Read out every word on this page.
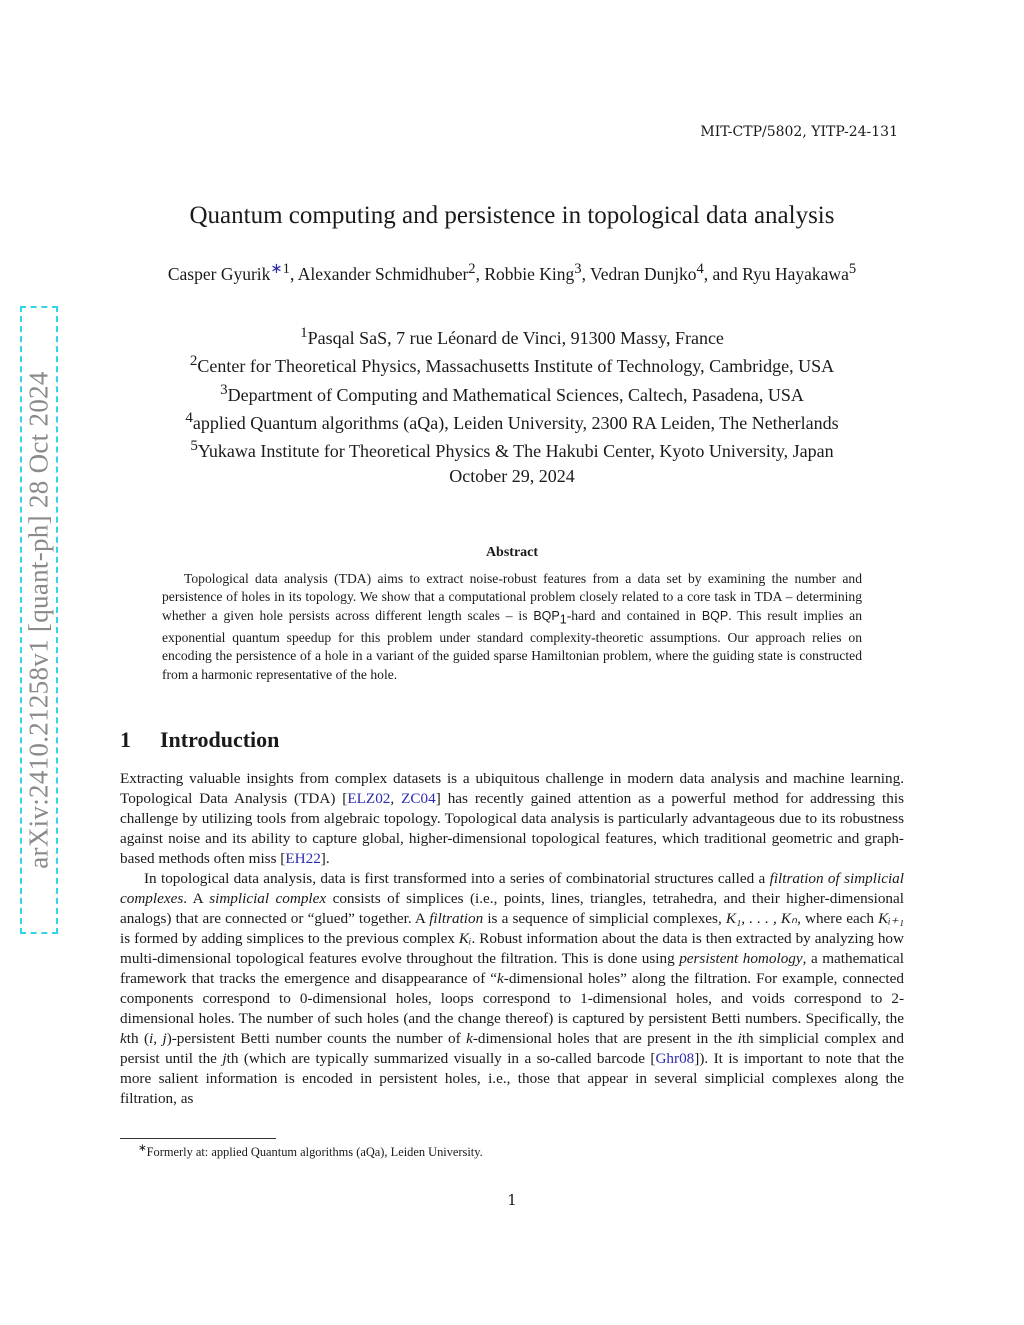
MIT-CTP/5802, YITP-24-131
arXiv:2410.21258v1 [quant-ph] 28 Oct 2024
Quantum computing and persistence in topological data analysis
Casper Gyurik$^{∗1}$, Alexander Schmidhuber$^2$, Robbie King$^3$, Vedran Dunjko$^4$, and Ryu Hayakawa$^5$
$^1$Pasqal SaS, 7 rue Léonard de Vinci, 91300 Massy, France
$^2$Center for Theoretical Physics, Massachusetts Institute of Technology, Cambridge, USA
$^3$Department of Computing and Mathematical Sciences, Caltech, Pasadena, USA
$^4$applied Quantum algorithms (aQa), Leiden University, 2300 RA Leiden, The Netherlands
$^5$Yukawa Institute for Theoretical Physics & The Hakubi Center, Kyoto University, Japan
October 29, 2024
Abstract
Topological data analysis (TDA) aims to extract noise-robust features from a data set by examining the number and persistence of holes in its topology. We show that a computational problem closely related to a core task in TDA – determining whether a given hole persists across different length scales – is $BQP_1$-hard and contained in BQP. This result implies an exponential quantum speedup for this problem under standard complexity-theoretic assumptions. Our approach relies on encoding the persistence of a hole in a variant of the guided sparse Hamiltonian problem, where the guiding state is constructed from a harmonic representative of the hole.
1 Introduction

Extracting valuable insights from complex datasets is a ubiquitous challenge in modern data analysis and machine learning. Topological Data Analysis (TDA) [ELZ02, ZC04] has recently gained attention as a powerful method for addressing this challenge by utilizing tools from algebraic topology. Topological data analysis is particularly advantageous due to its robustness against noise and its ability to capture global, higher-dimensional topological features, which traditional geometric and graph-based methods often miss [EH22].

In topological data analysis, data is first transformed into a series of combinatorial structures called a filtration of simplicial complexes. A simplicial complex consists of simplices (i.e., points, lines, triangles, tetrahedra, and their higher-dimensional analogs) that are connected or “glued” together. A filtration is a sequence of simplicial complexes, K₁, . . . , Kₙ, where each Kᵢ₊₁ is formed by adding simplices to the previous complex Kᵢ. Robust information about the data is then extracted by analyzing how multi-dimensional topological features evolve throughout the filtration. This is done using persistent homology, a mathematical framework that tracks the emergence and disappearance of “k-dimensional holes” along the filtration. For example, connected components correspond to 0-dimensional holes, loops correspond to 1-dimensional holes, and voids correspond to 2-dimensional holes. The number of such holes (and the change thereof) is captured by persistent Betti numbers. Specifically, the kth (i, j)-persistent Betti number counts the number of k-dimensional holes that are present in the ith simplicial complex and persist until the jth (which are typically summarized visually in a so-called barcode [Ghr08]). It is important to note that the more salient information is encoded in persistent holes, i.e., those that appear in several simplicial complexes along the filtration, as

∗Formerly at: applied Quantum algorithms (aQa), Leiden University.
1
